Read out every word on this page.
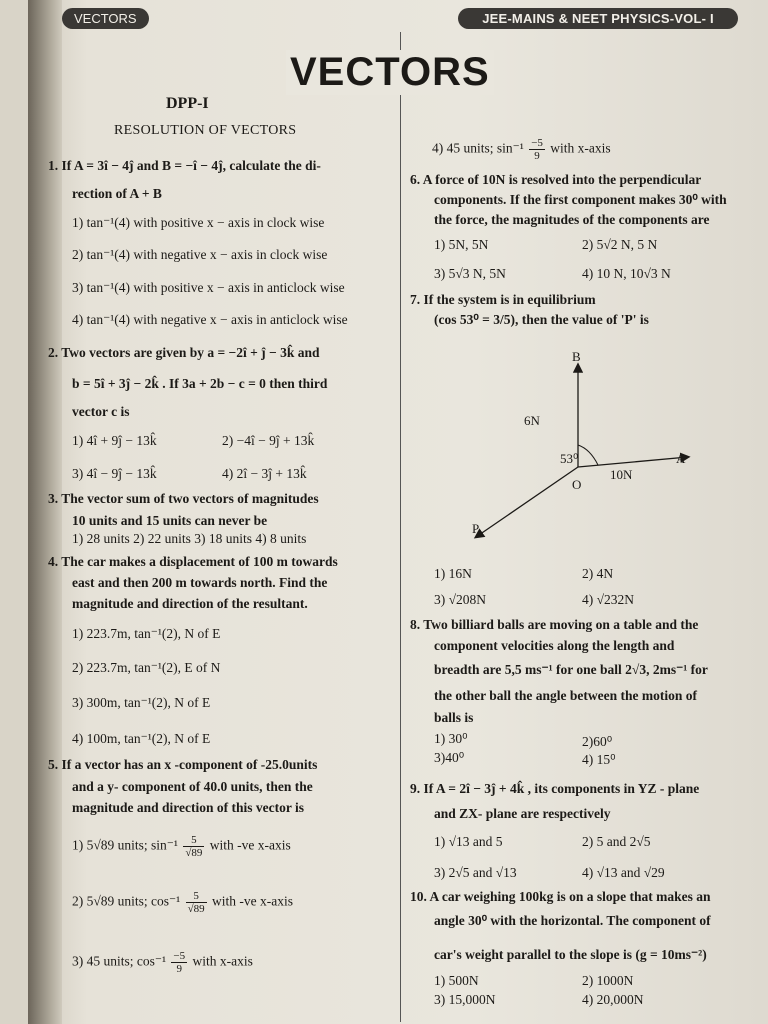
VECTORS	JEE-MAINS & NEET PHYSICS-VOL- I
VECTORS
DPP-I
RESOLUTION OF VECTORS
1. If A = 3î − 4ĵ and B = −î − 4ĵ, calculate the di-
rection of A + B
1) tan⁻¹(4) with positive x − axis in clock wise
2) tan⁻¹(4) with negative x − axis in clock wise
3) tan⁻¹(4) with positive x − axis in anticlock wise
4) tan⁻¹(4) with negative x − axis in anticlock wise
2. Two vectors are given by a = −2î + ĵ − 3k̂ and
b = 5î + 3ĵ − 2k̂ . If 3a + 2b − c = 0 then third
vector c is
1) 4î + 9ĵ − 13k̂	2) −4î − 9ĵ + 13k̂
3) 4î − 9ĵ − 13k̂	4) 2î − 3ĵ + 13k̂
3. The vector sum of two vectors of magnitudes
10 units and 15 units can never be
1) 28 units 2) 22 units 3) 18 units 4) 8 units
4. The car makes a displacement of 100 m towards
east and then 200 m towards north. Find the
magnitude and direction of the resultant.
1) 223.7m, tan⁻¹(2), N of E
2) 223.7m, tan⁻¹(2), E of N
3) 300m, tan⁻¹(2), N of E
4) 100m, tan⁻¹(2), N of E
5. If a vector has an x -component of -25.0units
and a y- component of 40.0 units, then the
magnitude and direction of this vector is
1) 5√89 units; $\sin^{-1} \frac{5}{√89}$ with -ve x-axis
2) 5√89 units; $\cos^{-1} \frac{5}{√89}$ with -ve x-axis
3) 45 units; $\cos^{-1} \frac{-5}{9}$ with x-axis
4) 45 units; $\sin^{-1} \frac{-5}{9}$ with x-axis
6. A force of 10N is resolved into the perpendicular
components. If the first component makes 30⁰ with
the force, the magnitudes of the components are
1) 5N, 5N	2) 5√2 N, 5 N
3) 5√3 N, 5N	4) 10 N, 10√3 N
7. If the system is in equilibrium
(cos 53⁰ = 3/5), then the value of 'P' is
B
6N
53⁰
10N
A
O
P
1) 16N	2) 4N
3) √208N	4) √232N
8. Two billiard balls are moving on a table and the
component velocities along the length and
breadth are 5,5 ms⁻¹ for one ball 2√3, 2ms⁻¹ for
the other ball the angle between the motion of
balls is
1) 30⁰	2)60⁰
3)40⁰	4) 15⁰
9. If A = 2î − 3ĵ + 4k̂ , its components in YZ - plane
and ZX- plane are respectively
1) √13 and 5	2) 5 and 2√5
3) 2√5 and √13	4) √13 and √29
10. A car weighing 100kg is on a slope that makes an
angle 30⁰ with the horizontal. The component of
car's weight parallel to the slope is (g = 10ms⁻²)
1) 500N	2) 1000N
3) 15,000N	4) 20,000N
